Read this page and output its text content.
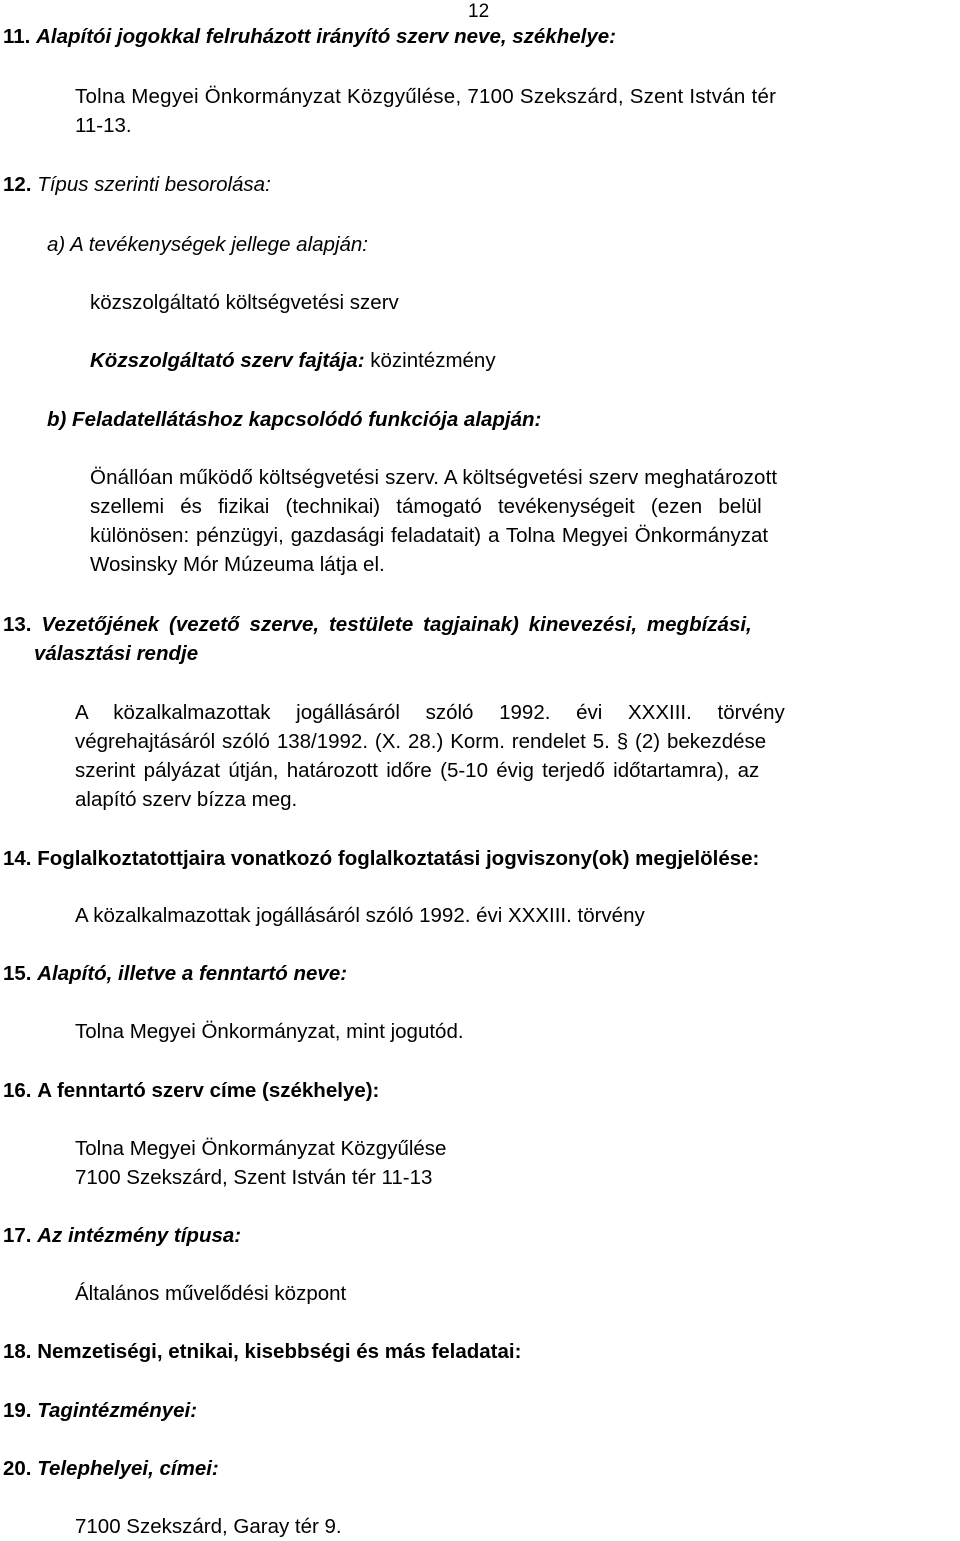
12
11. Alapítói jogokkal felruházott irányító szerv neve, székhelye:
Tolna Megyei Önkormányzat Közgyűlése, 7100 Szekszárd, Szent István tér
11-13.
12. Típus szerinti besorolása:
a) A tevékenységek jellege alapján:
közszolgáltató költségvetési szerv
Közszolgáltató szerv fajtája: közintézmény
b) Feladatellátáshoz kapcsolódó funkciója alapján:
Önállóan működő költségvetési szerv. A költségvetési szerv meghatározott
szellemi és fizikai (technikai) támogató tevékenységeit (ezen belül
különösen: pénzügyi, gazdasági feladatait) a Tolna Megyei Önkormányzat
Wosinsky Mór Múzeuma látja el.
13. Vezetőjének (vezető szerve, testülete tagjainak) kinevezési, megbízási,
választási rendje
A közalkalmazottak jogállásáról szóló 1992. évi XXXIII. törvény
végrehajtásáról szóló 138/1992. (X. 28.) Korm. rendelet 5. § (2) bekezdése
szerint pályázat útján, határozott időre (5-10 évig terjedő időtartamra), az
alapító szerv bízza meg.
14. Foglalkoztatottjaira vonatkozó foglalkoztatási jogviszony(ok) megjelölése:
A közalkalmazottak jogállásáról szóló 1992. évi XXXIII. törvény
15. Alapító, illetve a fenntartó neve:
Tolna Megyei Önkormányzat, mint jogutód.
16. A fenntartó szerv címe (székhelye):
Tolna Megyei Önkormányzat Közgyűlése
7100 Szekszárd, Szent István tér 11-13
17. Az intézmény típusa:
Általános művelődési központ
18. Nemzetiségi, etnikai, kisebbségi és más feladatai:
19. Tagintézményei:
20. Telephelyei, címei:
7100 Szekszárd, Garay tér 9.
